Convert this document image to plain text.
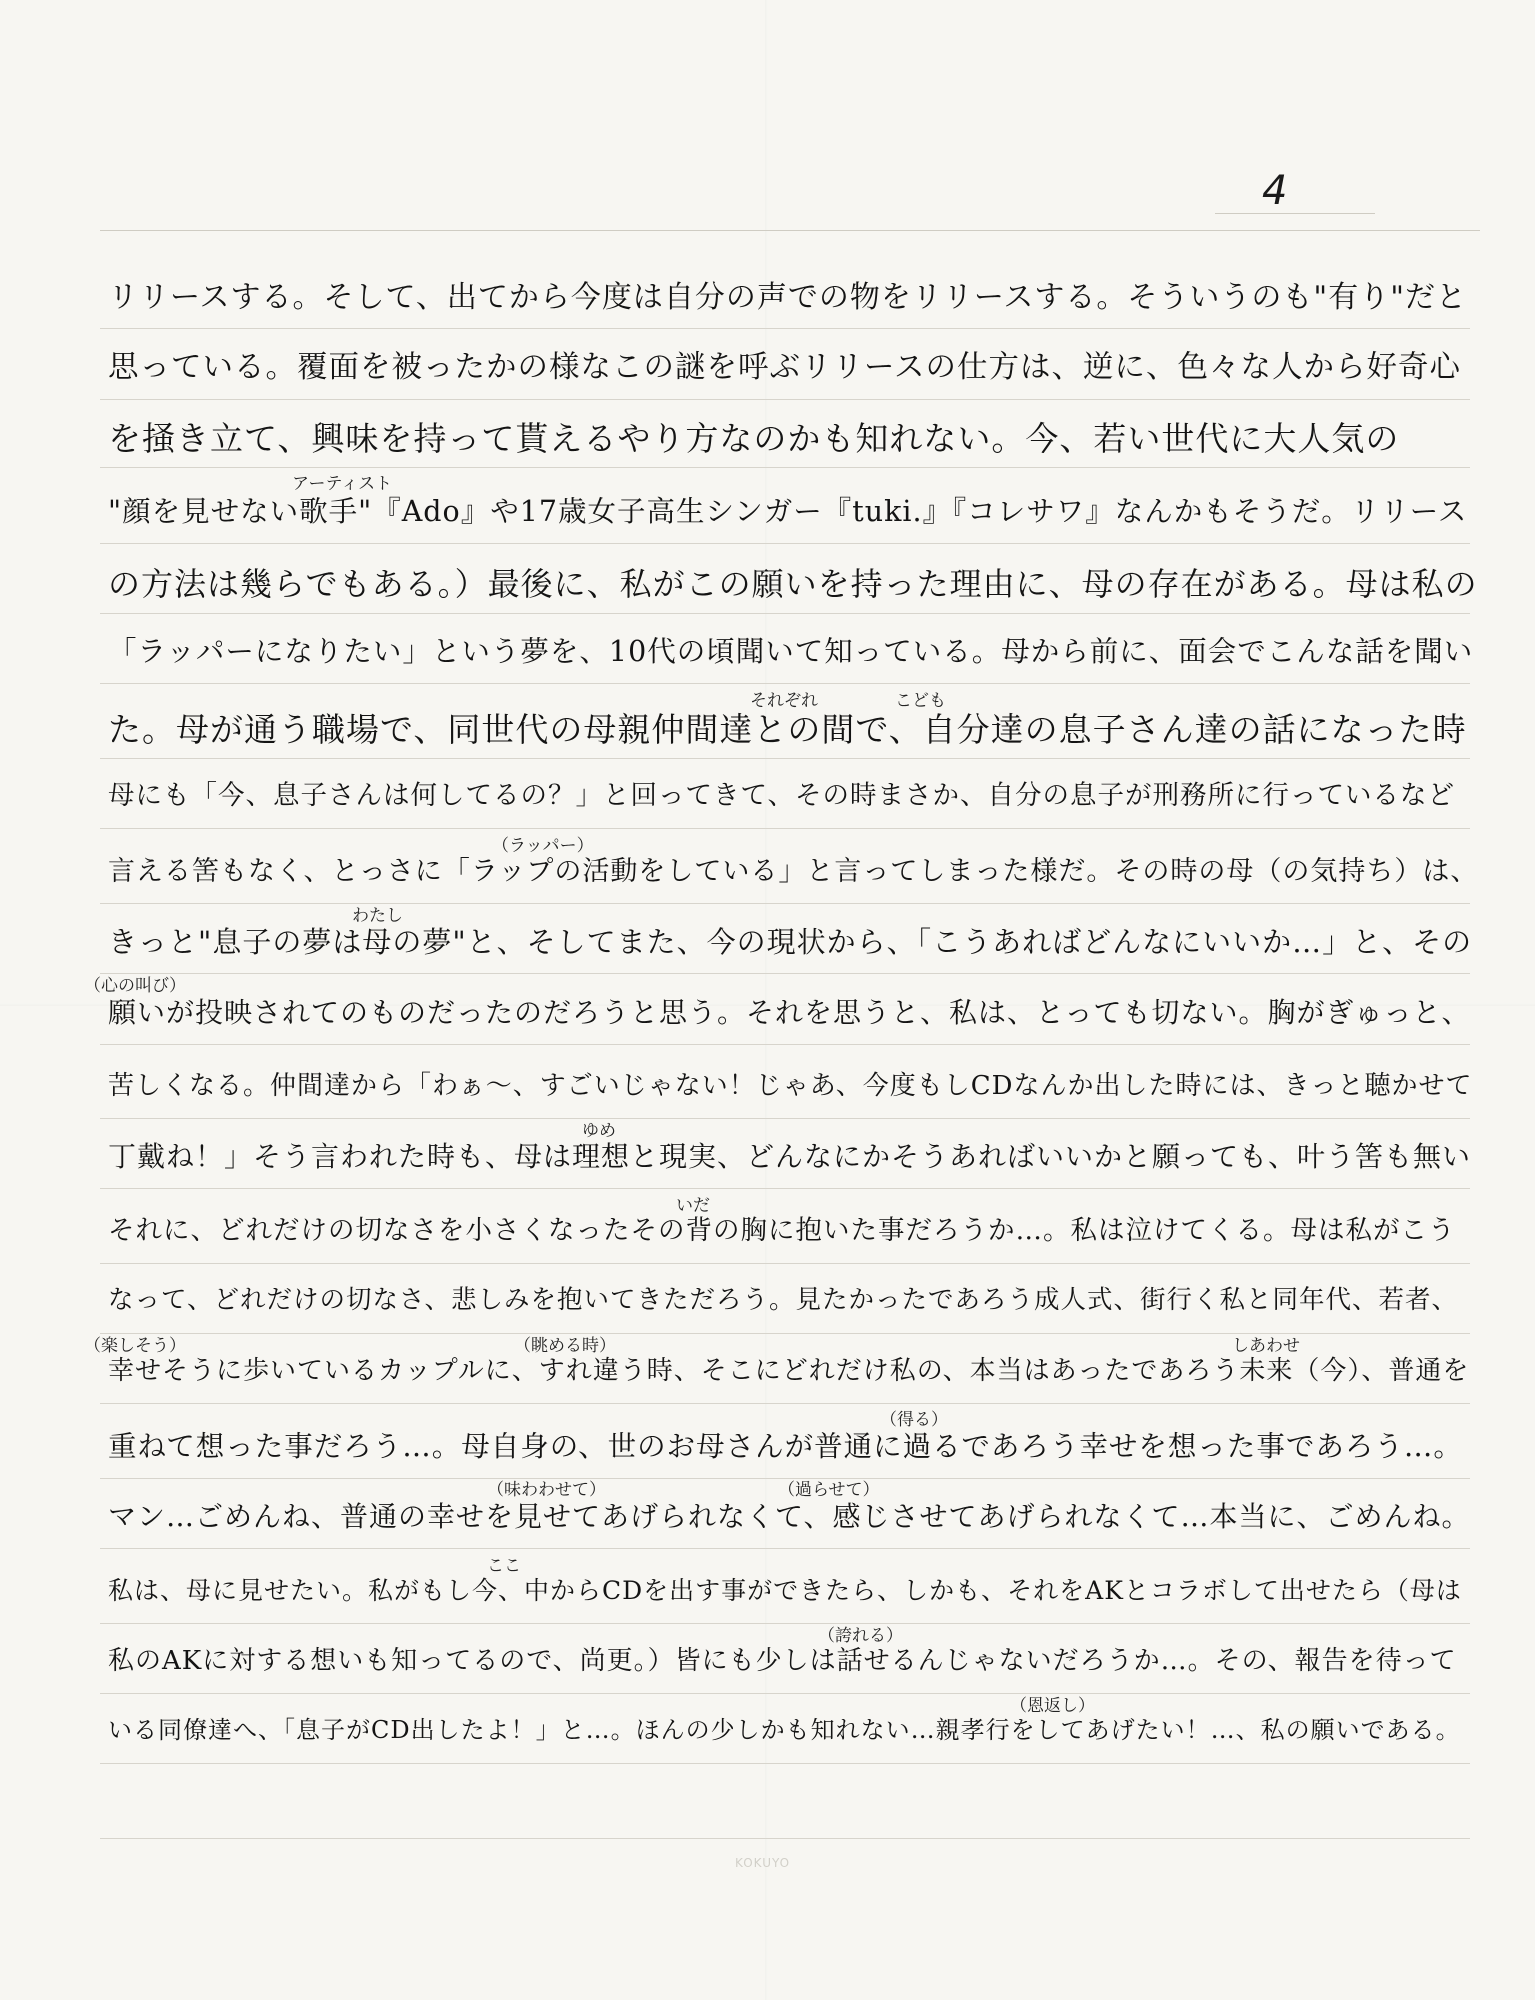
4
リリースする。そして、出てから今度は自分の声での物をリリースする。そういうのも"有り"だと
思っている。覆面を被ったかの様なこの謎を呼ぶリリースの仕方は、逆に、色々な人から好奇心
を掻き立て、興味を持って貰えるやり方なのかも知れない。今、若い世代に大人気の
"顔を見せない歌手"『Ado』や17歳女子高生シンガー『tuki.』『コレサワ』なんかもそうだ。リリース
の方法は幾らでもある。）最後に、私がこの願いを持った理由に、母の存在がある。母は私の
「ラッパーになりたい」という夢を、10代の頃聞いて知っている。母から前に、面会でこんな話を聞い
た。母が通う職場で、同世代の母親仲間達との間で、自分達の息子さん達の話になった時
母にも「今、息子さんは何してるの？」と回ってきて、その時まさか、自分の息子が刑務所に行っているなど
言える筈もなく、とっさに「ラップの活動をしている」と言ってしまった様だ。その時の母（の気持ち）は、
きっと"息子の夢は母の夢"と、そしてまた、今の現状から、「こうあればどんなにいいか…」と、その
願いが投映されてのものだったのだろうと思う。それを思うと、私は、とっても切ない。胸がぎゅっと、
苦しくなる。仲間達から「わぁ〜、すごいじゃない！じゃあ、今度もしCDなんか出した時には、きっと聴かせて
丁戴ね！」そう言われた時も、母は理想と現実、どんなにかそうあればいいかと願っても、叶う筈も無い
それに、どれだけの切なさを小さくなったその背の胸に抱いた事だろうか…。私は泣けてくる。母は私がこう
なって、どれだけの切なさ、悲しみを抱いてきただろう。見たかったであろう成人式、街行く私と同年代、若者、
幸せそうに歩いているカップルに、すれ違う時、そこにどれだけ私の、本当はあったであろう未来（今）、普通を
重ねて想った事だろう…。母自身の、世のお母さんが普通に過るであろう幸せを想った事であろう…。
マン…ごめんね、普通の幸せを見せてあげられなくて、感じさせてあげられなくて…本当に、ごめんね。
私は、母に見せたい。私がもし今、中からCDを出す事ができたら、しかも、それをAKとコラボして出せたら（母は
私のAKに対する想いも知ってるので、尚更。）皆にも少しは話せるんじゃないだろうか…。その、報告を待って
いる同僚達へ、「息子がCD出したよ！」と…。ほんの少しかも知れない…親孝行をしてあげたい！…、私の願いである。
アーティスト
それぞれ	こども
（ラッパー）
わたし
（心の叫び）
ゆめ
いだ
（楽しそう）	（眺める時）	しあわせ
（得る）
（味わわせて）	（過らせて）
ここ
（誇れる）
（恩返し）
KOKUYO
